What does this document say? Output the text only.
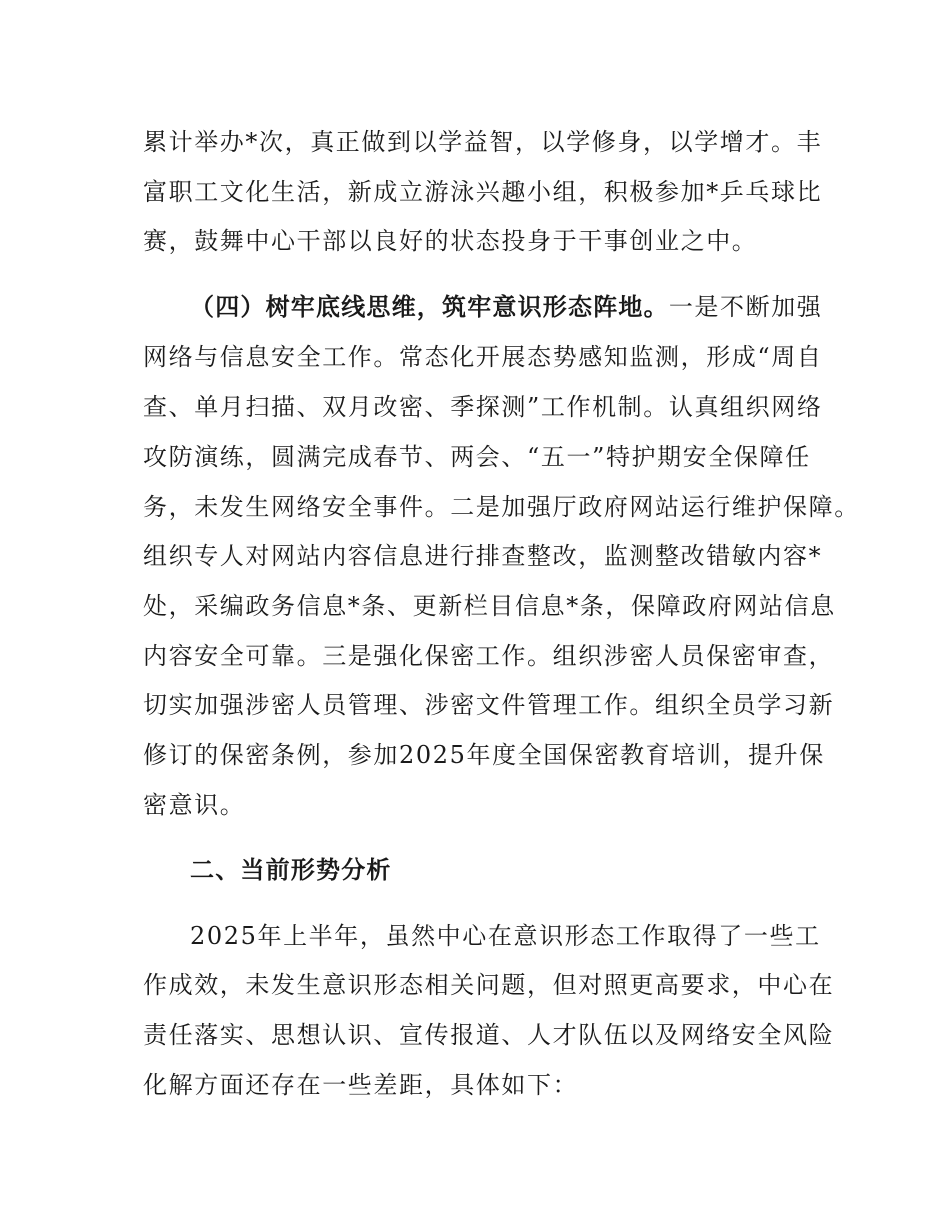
累计举办*次，真正做到以学益智，以学修身，以学增才。丰
富职工文化生活，新成立游泳兴趣小组，积极参加*乒乓球比
赛，鼓舞中心干部以良好的状态投身于干事创业之中。
（四）树牢底线思维，筑牢意识形态阵地。一是不断加强
网络与信息安全工作。常态化开展态势感知监测，形成“周自
查、单月扫描、双月改密、季探测”工作机制。认真组织网络
攻防演练，圆满完成春节、两会、“五一”特护期安全保障任
务，未发生网络安全事件。二是加强厅政府网站运行维护保障。
组织专人对网站内容信息进行排查整改，监测整改错敏内容*
处，采编政务信息*条、更新栏目信息*条，保障政府网站信息
内容安全可靠。三是强化保密工作。组织涉密人员保密审查，
切实加强涉密人员管理、涉密文件管理工作。组织全员学习新
修订的保密条例，参加2025年度全国保密教育培训，提升保
密意识。
二、当前形势分析
2025年上半年，虽然中心在意识形态工作取得了一些工
作成效，未发生意识形态相关问题，但对照更高要求，中心在
责任落实、思想认识、宣传报道、人才队伍以及网络安全风险
化解方面还存在一些差距，具体如下：
